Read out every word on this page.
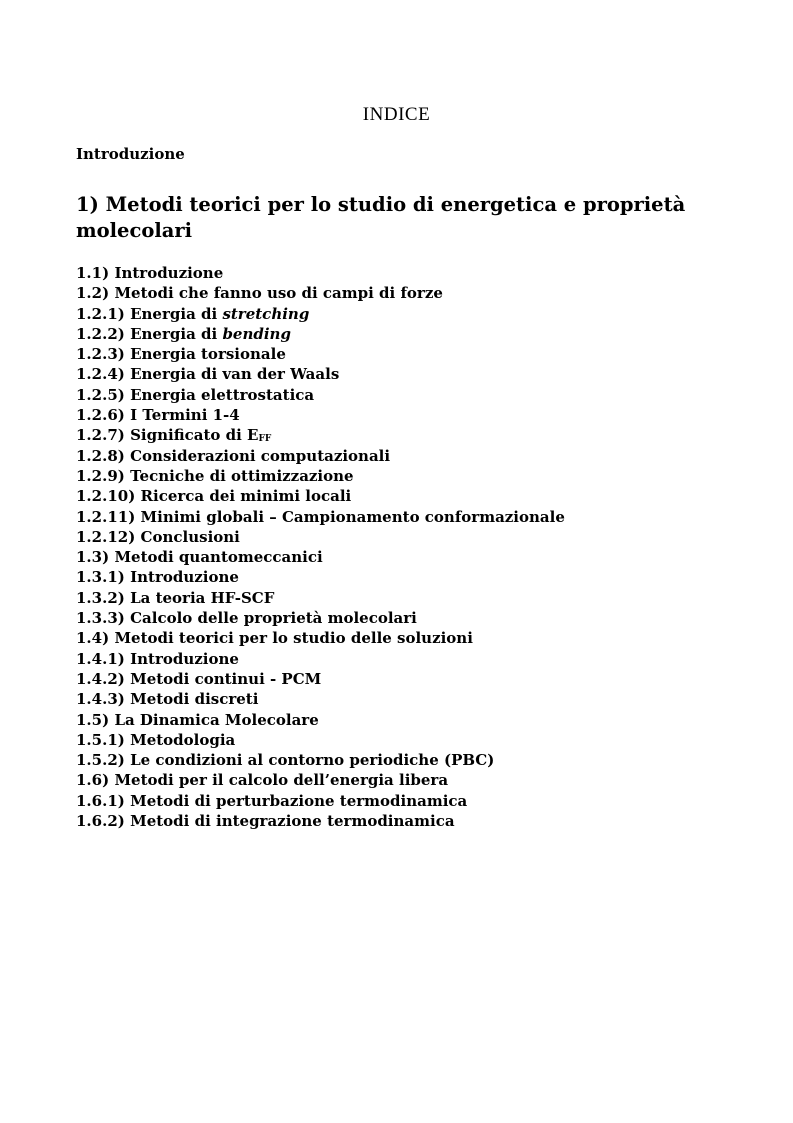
INDICE
Introduzione
1) Metodi teorici per lo studio di energetica e proprietà
molecolari
1.1) Introduzione
1.2) Metodi che fanno uso di campi di forze
1.2.1) Energia di stretching
1.2.2) Energia di bending
1.2.3) Energia torsionale
1.2.4) Energia di van der Waals
1.2.5) Energia elettrostatica
1.2.6) I Termini 1-4
1.2.7) Significato di $E_{FF}$
1.2.8) Considerazioni computazionali
1.2.9) Tecniche di ottimizzazione
1.2.10) Ricerca dei minimi locali
1.2.11) Minimi globali – Campionamento conformazionale
1.2.12) Conclusioni
1.3) Metodi quantomeccanici
1.3.1) Introduzione
1.3.2) La teoria HF-SCF
1.3.3) Calcolo delle proprietà molecolari
1.4) Metodi teorici per lo studio delle soluzioni
1.4.1) Introduzione
1.4.2) Metodi continui - PCM
1.4.3) Metodi discreti
1.5) La Dinamica Molecolare
1.5.1) Metodologia
1.5.2) Le condizioni al contorno periodiche (PBC)
1.6) Metodi per il calcolo dell’energia libera
1.6.1) Metodi di perturbazione termodinamica
1.6.2) Metodi di integrazione termodinamica
